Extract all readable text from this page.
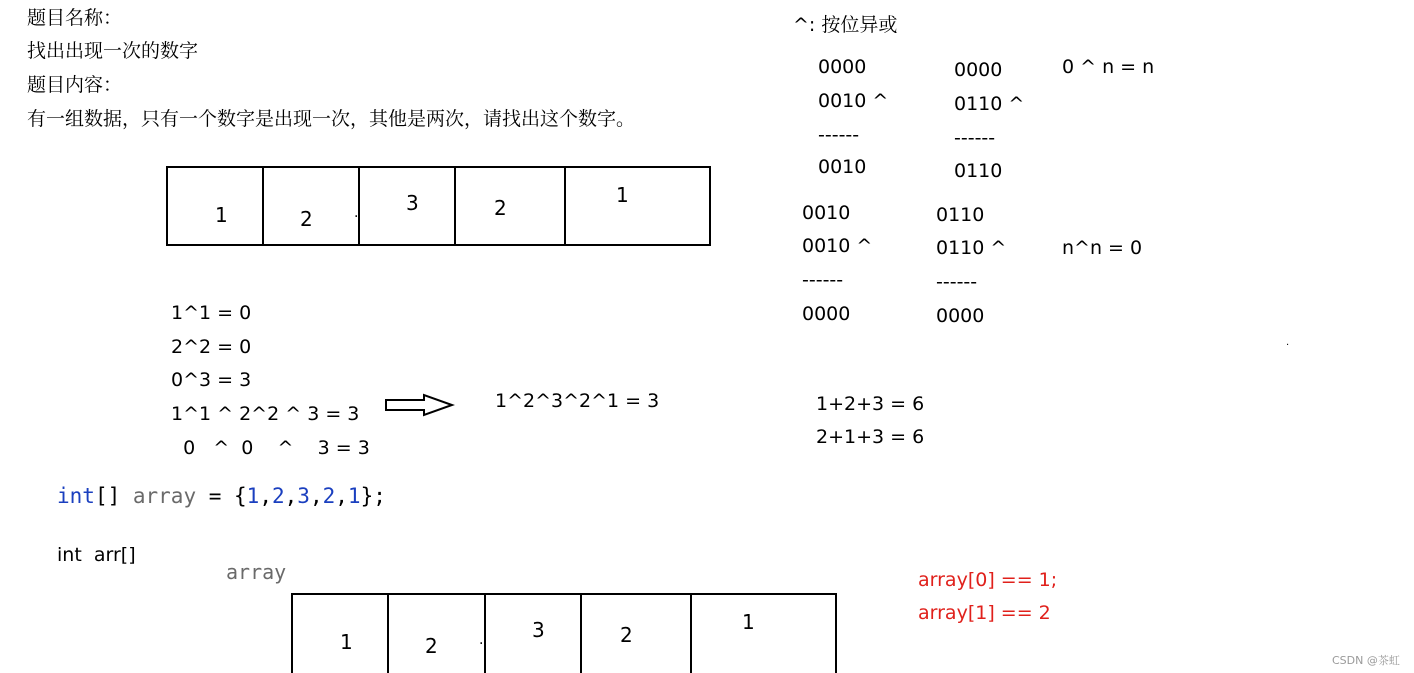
题目名称：
找出出现一次的数字
题目内容：
有一组数据，只有一个数字是出现一次，其他是两次，请找出这个数字。
1	2	. 3	2
1
1^1 = 0
2^2 = 0
0^3 = 3
1^1 ^ 2^2 ^ 3 = 3
0   ^  0    ^    3 = 3
1^2^3^2^1 = 3
int[] array = {1,2,3,2,1};
int  arr[]
array
1	2	. 3	2
1
array[0] == 1;
array[1] == 2
^: 按位异或
0000
0010 ^
------
0010
0000
0110 ^
------
0110
0 ^ n = n
0010
0010 ^
------
0000
0110
0110 ^
------
0000
n^n = 0
.
1+2+3 = 6
2+1+3 = 6
CSDN @茶虹
